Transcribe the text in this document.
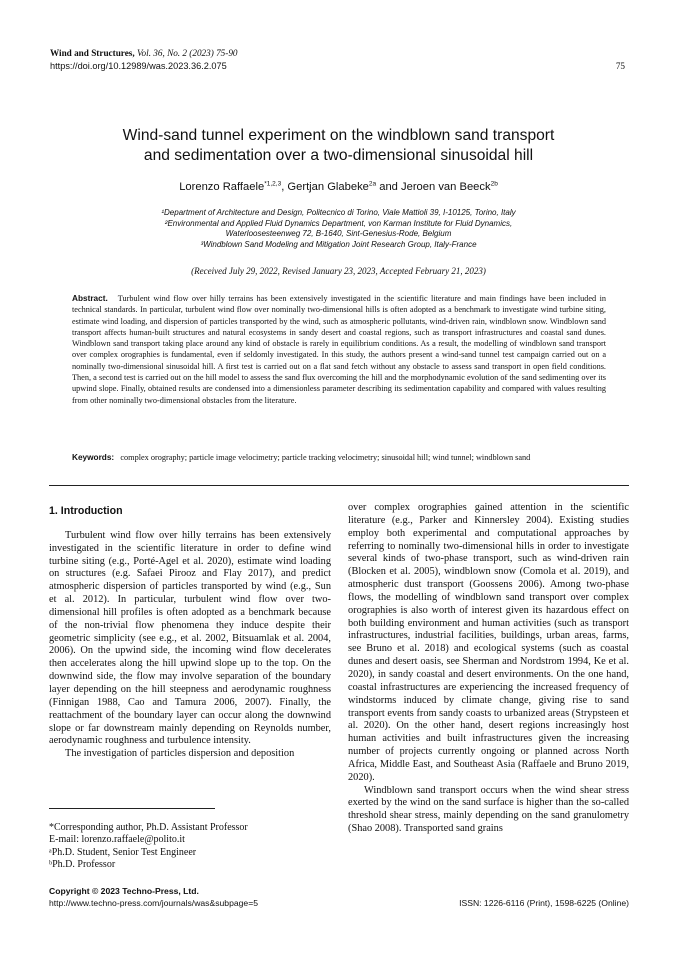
Wind and Structures, Vol. 36, No. 2 (2023) 75-90
https://doi.org/10.12989/was.2023.36.2.075	75
Wind-sand tunnel experiment on the windblown sand transport
and sedimentation over a two-dimensional sinusoidal hill
Lorenzo Raffaele$^{*1,2,3}$, Gertjan Glabeke$^{2a}$ and Jeroen van Beeck$^{2b}$
¹Department of Architecture and Design, Politecnico di Torino, Viale Mattioli 39, I-10125, Torino, Italy
²Environmental and Applied Fluid Dynamics Department, von Karman Institute for Fluid Dynamics,
Waterloosesteenweg 72, B-1640, Sint-Genesius-Rode, Belgium
³Windblown Sand Modeling and Mitigation Joint Research Group, Italy-France
(Received July 29, 2022, Revised January 23, 2023, Accepted February 21, 2023)
Abstract. Turbulent wind flow over hilly terrains has been extensively investigated in the scientific literature and main findings have been included in technical standards. In particular, turbulent wind flow over nominally two-dimensional hills is often adopted as a benchmark to investigate wind turbine siting, estimate wind loading, and dispersion of particles transported by the wind, such as atmospheric pollutants, wind-driven rain, windblown snow. Windblown sand transport affects human-built structures and natural ecosystems in sandy desert and coastal regions, such as transport infrastructures and coastal sand dunes. Windblown sand transport taking place around any kind of obstacle is rarely in equilibrium conditions. As a result, the modelling of windblown sand transport over complex orographies is fundamental, even if seldomly investigated. In this study, the authors present a wind-sand tunnel test campaign carried out on a nominally two-dimensional sinusoidal hill. A first test is carried out on a flat sand fetch without any obstacle to assess sand transport in open field conditions. Then, a second test is carried out on the hill model to assess the sand flux overcoming the hill and the morphodynamic evolution of the sand sedimenting over its upwind slope. Finally, obtained results are condensed into a dimensionless parameter describing its sedimentation capability and compared with values resulting from other nominally two-dimensional obstacles from the literature.
Keywords: complex orography; particle image velocimetry; particle tracking velocimetry; sinusoidal hill; wind tunnel; windblown sand
1. Introduction

Turbulent wind flow over hilly terrains has been extensively investigated in the scientific literature in order to define wind turbine siting (e.g., Porté-Agel et al. 2020), estimate wind loading on structures (e.g. Safaei Pirooz and Flay 2017), and predict atmospheric dispersion of particles transported by wind (e.g., Sun et al. 2012). In particular, turbulent wind flow over two-dimensional hill profiles is often adopted as a benchmark because of the non-trivial flow phenomena they induce despite their geometric simplicity (see e.g., et al. 2002, Bitsuamlak et al. 2004, 2006). On the upwind side, the incoming wind flow decelerates then accelerates along the hill upwind slope up to the top. On the downwind side, the flow may involve separation of the boundary layer depending on the hill steepness and aerodynamic roughness (Finnigan 1988, Cao and Tamura 2006, 2007). Finally, the reattachment of the boundary layer can occur along the downwind slope or far downstream mainly depending on Reynolds number, aerodynamic roughness and turbulence intensity.

The investigation of particles dispersion and deposition

over complex orographies gained attention in the scientific literature (e.g., Parker and Kinnersley 2004). Existing studies employ both experimental and computational approaches by referring to nominally two-dimensional hills in order to investigate several kinds of two-phase transport, such as wind-driven rain (Blocken et al. 2005), windblown snow (Comola et al. 2019), and atmospheric dust transport (Goossens 2006). Among two-phase flows, the modelling of windblown sand transport over complex orographies is also worth of interest given its hazardous effect on both building environment and human activities (such as transport infrastructures, industrial facilities, buildings, urban areas, farms, see Bruno et al. 2018) and ecological systems (such as coastal dunes and desert oasis, see Sherman and Nordstrom 1994, Ke et al. 2020), in sandy coastal and desert environments. On the one hand, coastal infrastructures are experiencing the increased frequency of windstorms induced by climate change, giving rise to sand transport events from sandy coasts to urbanized areas (Strypsteen et al. 2020). On the other hand, desert regions increasingly host human activities and built infrastructures given the increasing number of projects currently ongoing or planned across North Africa, Middle East, and Southeast Asia (Raffaele and Bruno 2019, 2020).

Windblown sand transport occurs when the wind shear stress exerted by the wind on the sand surface is higher than the so-called threshold shear stress, mainly depending on the sand granulometry (Shao 2008). Transported sand grains

*Corresponding author, Ph.D. Assistant Professor
E-mail: lorenzo.raffaele@polito.it
ᵃPh.D. Student, Senior Test Engineer
ᵇPh.D. Professor
Copyright © 2023 Techno-Press, Ltd.
http://www.techno-press.com/journals/was&subpage=5	ISSN: 1226-6116 (Print), 1598-6225 (Online)
